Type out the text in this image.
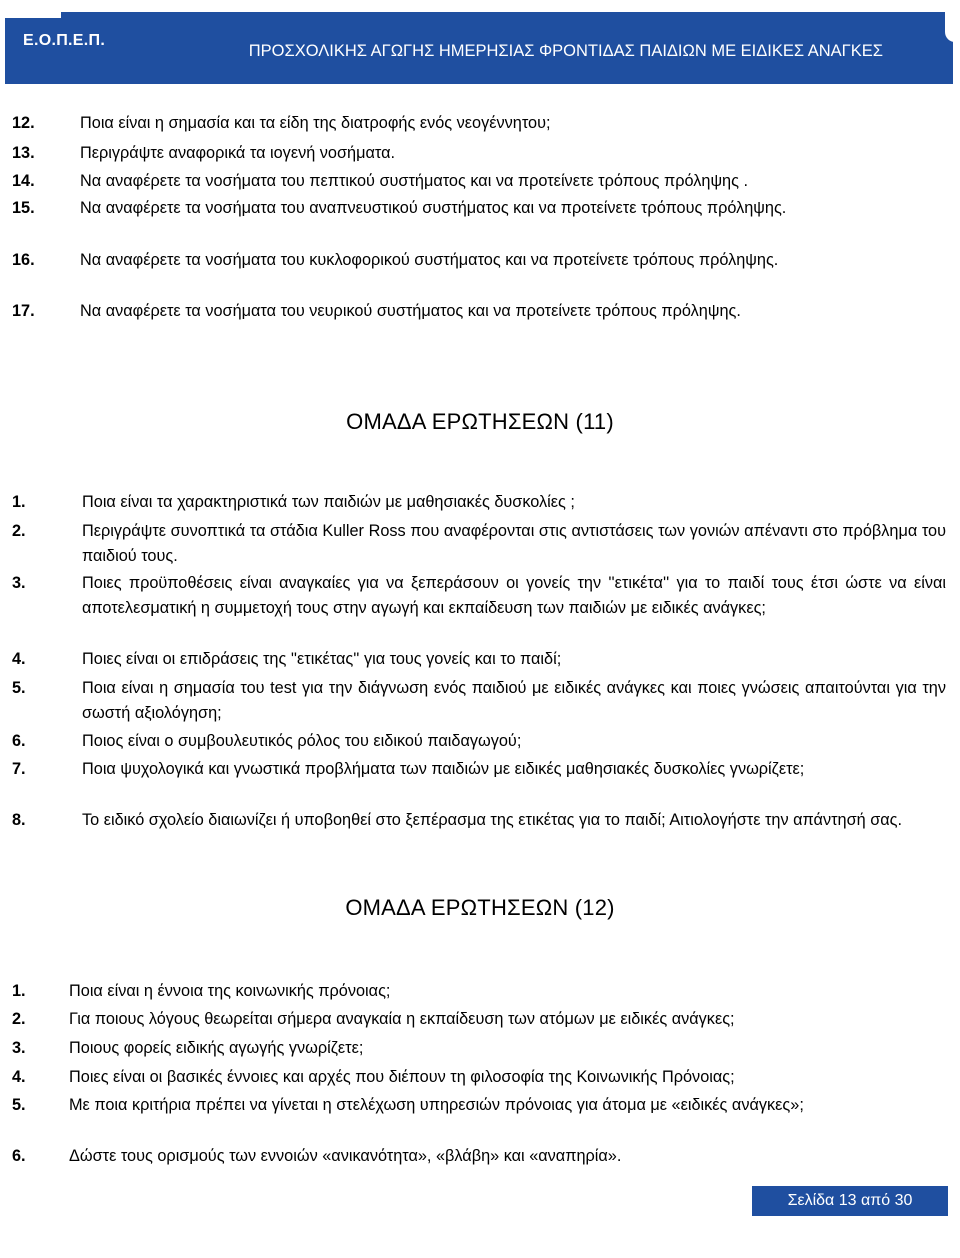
Ε.Ο.Π.Ε.Π.
ΠΡΟΣΧΟΛΙΚΗΣ ΑΓΩΓΗΣ ΗΜΕΡΗΣΙΑΣ ΦΡΟΝΤΙΔΑΣ ΠΑΙΔΙΩΝ ΜΕ ΕΙΔΙΚΕΣ ΑΝΑΓΚΕΣ
12.	Ποια είναι η σημασία και τα είδη της διατροφής ενός νεογέννητου;
13.	Περιγράψτε αναφορικά τα ιογενή νοσήματα.
14.	Να αναφέρετε τα νοσήματα του πεπτικού συστήματος και να προτείνετε τρόπους πρόληψης .
15.	Να αναφέρετε τα νοσήματα του αναπνευστικού συστήματος και να προτείνετε τρόπους πρόληψης.
16.	Να αναφέρετε τα νοσήματα του κυκλοφορικού συστήματος και να προτείνετε τρόπους πρόληψης.
17.	Να αναφέρετε τα νοσήματα του νευρικού συστήματος και να προτείνετε τρόπους πρόληψης.
ΟΜΑΔΑ ΕΡΩΤΗΣΕΩΝ (11)
1.	Ποια είναι τα χαρακτηριστικά των παιδιών με μαθησιακές δυσκολίες ;
2.	Περιγράψτε συνοπτικά τα στάδια Kuller Ross που αναφέρονται στις αντιστάσεις των γονιών απέναντι στο πρόβλημα του παιδιού τους.
3.	Ποιες προϋποθέσεις είναι αναγκαίες για να ξεπεράσουν οι γονείς την ''ετικέτα'' για το παιδί τους έτσι ώστε να είναι αποτελεσματική η συμμετοχή τους στην αγωγή και εκπαίδευση των παιδιών με ειδικές ανάγκες;
4.	Ποιες είναι οι επιδράσεις της ''ετικέτας'' για τους γονείς και το παιδί;
5.	Ποια είναι η σημασία του test για την διάγνωση ενός παιδιού με ειδικές ανάγκες και ποιες γνώσεις απαιτούνται για την σωστή αξιολόγηση;
6.	Ποιος είναι ο συμβουλευτικός ρόλος του ειδικού παιδαγωγού;
7.	Ποια ψυχολογικά και γνωστικά προβλήματα των παιδιών με ειδικές μαθησιακές δυσκολίες γνωρίζετε;
8.	Το ειδικό σχολείο διαιωνίζει ή υποβοηθεί στο ξεπέρασμα της ετικέτας για το παιδί; Αιτιολογήστε την απάντησή σας.
ΟΜΑΔΑ ΕΡΩΤΗΣΕΩΝ (12)
1.	Ποια είναι η έννοια της κοινωνικής πρόνοιας;
2.	Για ποιους λόγους θεωρείται σήμερα αναγκαία η εκπαίδευση των ατόμων με ειδικές ανάγκες;
3.	Ποιους φορείς ειδικής αγωγής γνωρίζετε;
4.	Ποιες είναι οι βασικές έννοιες και αρχές που διέπουν τη φιλοσοφία της Κοινωνικής Πρόνοιας;
5.	Με ποια κριτήρια πρέπει να γίνεται η στελέχωση υπηρεσιών πρόνοιας για άτομα με «ειδικές ανάγκες»;
6.	Δώστε τους ορισμούς των εννοιών «ανικανότητα», «βλάβη» και «αναπηρία».
Σελίδα 13 από 30
